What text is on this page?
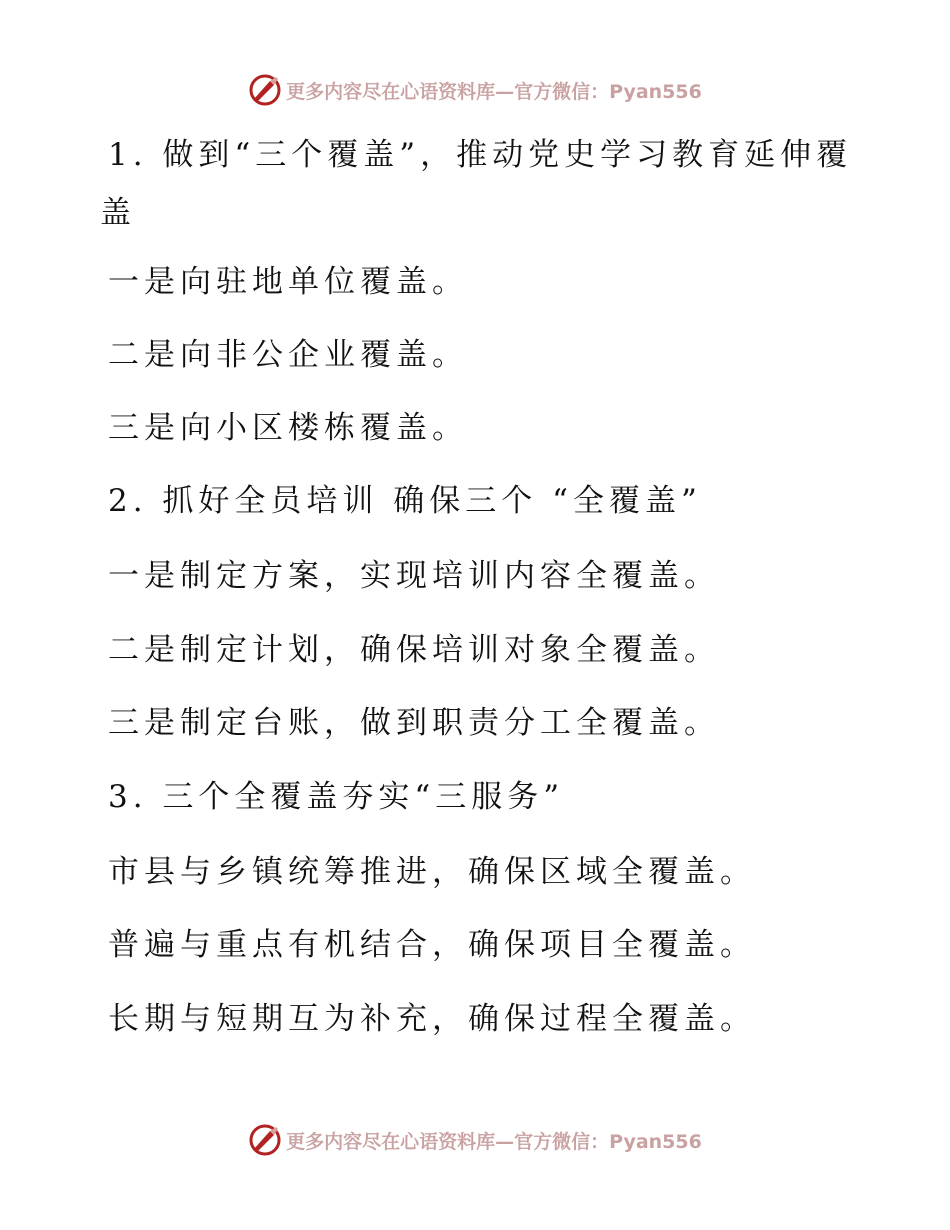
更多内容尽在心语资料库—官方微信：Pyan556
1. 做到“三个覆盖”，推动党史学习教育延伸覆盖
一是向驻地单位覆盖。
二是向非公企业覆盖。
三是向小区楼栋覆盖。
2. 抓好全员培训 确保三个 “全覆盖”
一是制定方案，实现培训内容全覆盖。
二是制定计划，确保培训对象全覆盖。
三是制定台账，做到职责分工全覆盖。
3. 三个全覆盖夯实“三服务”
市县与乡镇统筹推进，确保区域全覆盖。
普遍与重点有机结合，确保项目全覆盖。
长期与短期互为补充，确保过程全覆盖。
更多内容尽在心语资料库—官方微信：Pyan556
